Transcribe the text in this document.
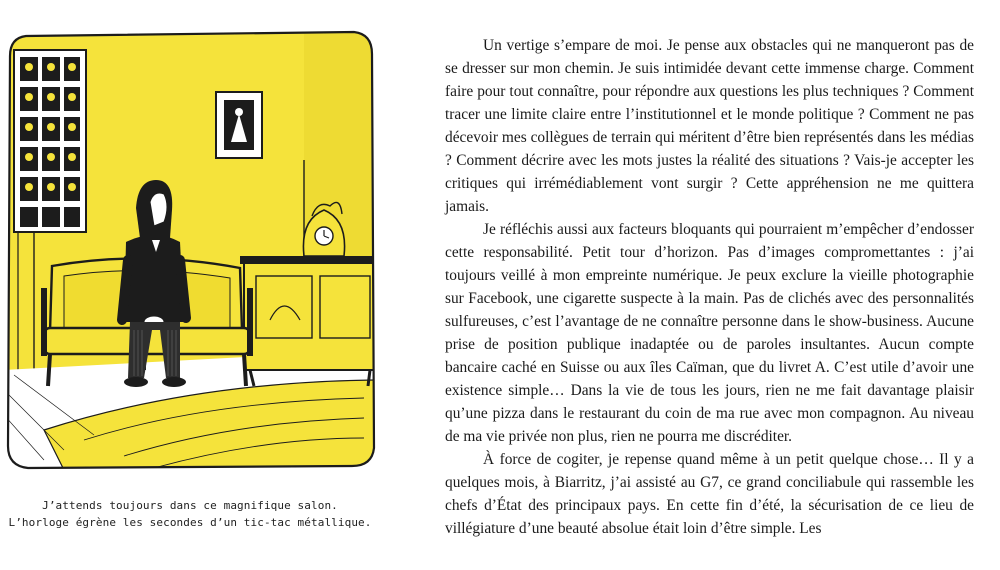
J’attends toujours dans ce magnifique salon.
L’horloge égrène les secondes d’un tic-tac métallique.

Un vertige s’empare de moi. Je pense aux obstacles qui ne manqueront pas de se dresser sur mon chemin. Je suis intimidée devant cette immense charge. Comment faire pour tout connaître, pour répondre aux questions les plus techniques ? Comment tracer une limite claire entre l’institutionnel et le monde politique ? Comment ne pas décevoir mes collègues de terrain qui méritent d’être bien représentés dans les médias ? Comment décrire avec les mots justes la réalité des situations ? Vais-je accepter les critiques qui irrémédiablement vont surgir ? Cette appréhension ne me quittera jamais.

Je réfléchis aussi aux facteurs bloquants qui pourraient m’empêcher d’endosser cette responsabilité. Petit tour d’horizon. Pas d’images compromettantes : j’ai toujours veillé à mon empreinte numérique. Je peux exclure la vieille photographie sur Facebook, une cigarette suspecte à la main. Pas de clichés avec des personnalités sulfureuses, c’est l’avantage de ne connaître personne dans le show-business. Aucune prise de position publique inadaptée ou de paroles insultantes. Aucun compte bancaire caché en Suisse ou aux îles Caïman, que du livret A. C’est utile d’avoir une existence simple… Dans la vie de tous les jours, rien ne me fait davantage plaisir qu’une pizza dans le restaurant du coin de ma rue avec mon compagnon. Au niveau de ma vie privée non plus, rien ne pourra me discréditer.

À force de cogiter, je repense quand même à un petit quelque chose… Il y a quelques mois, à Biarritz, j’ai assisté au G7, ce grand conciliabule qui rassemble les chefs d’État des principaux pays. En cette fin d’été, la sécurisation de ce lieu de villégiature d’une beauté absolue était loin d’être simple. Les
